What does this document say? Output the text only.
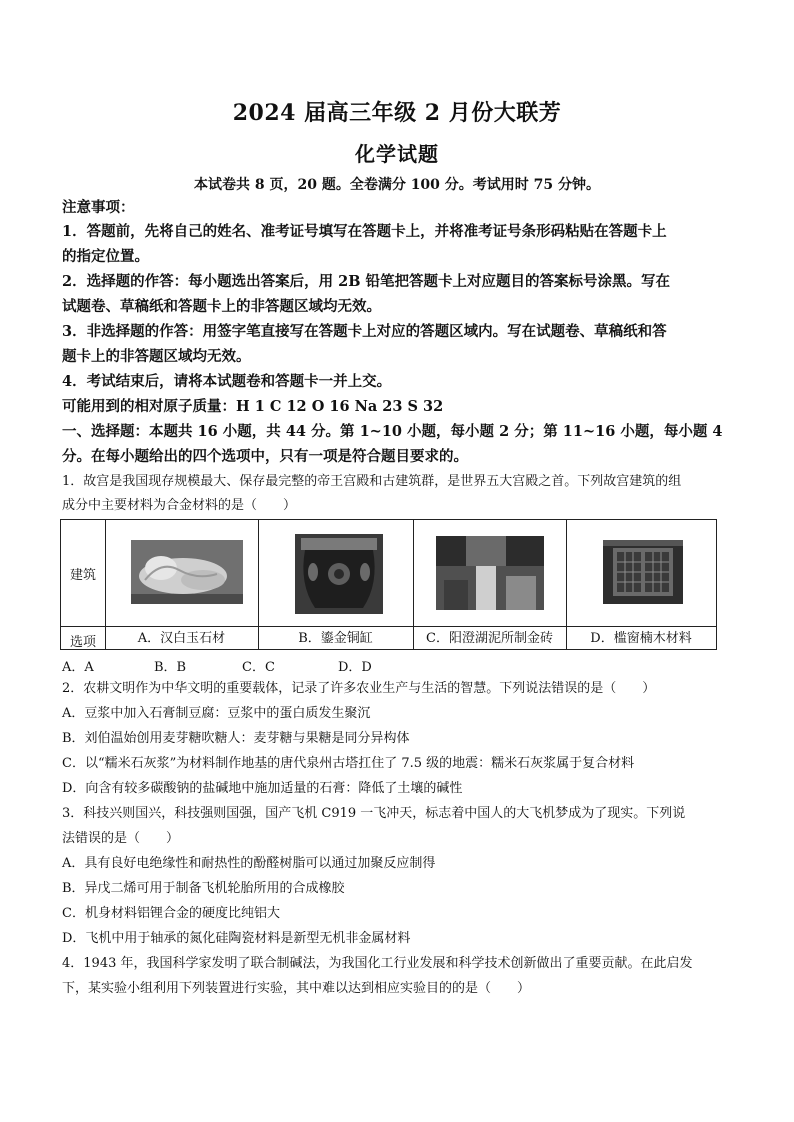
2024 届高三年级 2 月份大联芳
化学试题
本试卷共 8 页，20 题。全卷满分 100 分。考试用时 75 分钟。
注意事项：
1．答题前，先将自己的姓名、准考证号填写在答题卡上，并将准考证号条形码粘贴在答题卡上
的指定位置。
2．选择题的作答：每小题选出答案后，用 2B 铅笔把答题卡上对应题目的答案标号涂黑。写在
试题卷、草稿纸和答题卡上的非答题区域均无效。
3．非选择题的作答：用签字笔直接写在答题卡上对应的答题区域内。写在试题卷、草稿纸和答
题卡上的非答题区域均无效。
4．考试结束后，请将本试题卷和答题卡一并上交。
可能用到的相对原子质量：H 1 C 12 O 16 Na 23 S 32
一、选择题：本题共 16 小题，共 44 分。第 1~10 小题，每小题 2 分；第 11~16 小题，每小题 4
分。在每小题给出的四个选项中，只有一项是符合题目要求的。
1．故宫是我国现存规模最大、保存最完整的帝王宫殿和古建筑群，是世界五大宫殿之首。下列故宫建筑的组
成分中主要材料为合金材料的是（　　）
建筑
选项	A．汉白玉石材	B．鎏金铜缸	C．阳澄湖泥所制金砖	D．槛窗楠木材料
A．A	B．B	C．C	D．D
2．农耕文明作为中华文明的重要载体，记录了许多农业生产与生活的智慧。下列说法错误的是（　　）
A．豆浆中加入石膏制豆腐：豆浆中的蛋白质发生聚沉
B．刘伯温始创用麦芽糖吹糖人：麦芽糖与果糖是同分异构体
C．以“糯米石灰浆”为材料制作地基的唐代泉州古塔扛住了 7.5 级的地震：糯米石灰浆属于复合材料
D．向含有较多碳酸钠的盐碱地中施加适量的石膏：降低了土壤的碱性
3．科技兴则国兴，科技强则国强，国产飞机 C919 一飞冲天，标志着中国人的大飞机梦成为了现实。下列说
法错误的是（　　）
A．具有良好电绝缘性和耐热性的酚醛树脂可以通过加聚反应制得
B．异戊二烯可用于制备飞机轮胎所用的合成橡胶
C．机身材料铝锂合金的硬度比纯铝大
D．飞机中用于轴承的氮化硅陶瓷材料是新型无机非金属材料
4．1943 年，我国科学家发明了联合制碱法，为我国化工行业发展和科学技术创新做出了重要贡献。在此启发
下，某实验小组利用下列装置进行实验，其中难以达到相应实验目的的是（　　）
